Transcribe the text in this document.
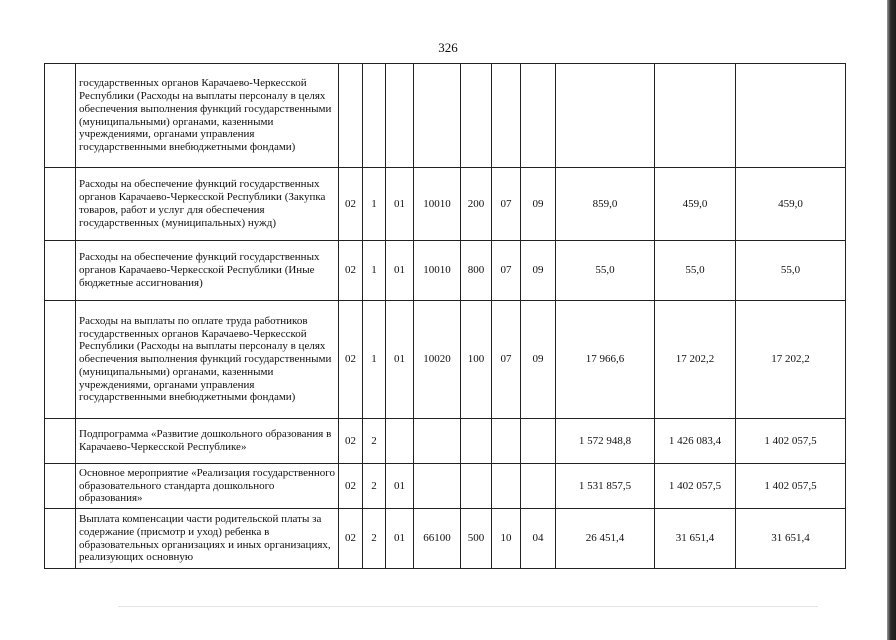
326
	государственных органов Карачаево-Черкесской Республики (Расходы на выплаты персоналу в целях обеспечения выполнения функций государственными (муниципальными) органами, казенными учреждениями, органами управления государственными внебюджетными фондами)										
	Расходы на обеспечение функций государственных органов Карачаево-Черкесской Республики (Закупка товаров, работ и услуг для обеспечения государственных (муниципальных) нужд)	02	1	01	10010	200	07	09	859,0	459,0	459,0
	Расходы на обеспечение функций государственных органов Карачаево-Черкесской Республики (Иные бюджетные ассигнования)	02	1	01	10010	800	07	09	55,0	55,0	55,0
	Расходы на выплаты по оплате труда работников государственных органов Карачаево-Черкесской Республики (Расходы на выплаты персоналу в целях обеспечения выполнения функций государственными (муниципальными) органами, казенными учреждениями, органами управления государственными внебюджетными фондами)	02	1	01	10020	100	07	09	17 966,6	17 202,2	17 202,2
	Подпрограмма «Развитие дошкольного образования в Карачаево-Черкесской Республике»	02	2						1 572 948,8	1 426 083,4	1 402 057,5
	Основное мероприятие «Реализация государственного образовательного стандарта дошкольного образования»	02	2	01					1 531 857,5	1 402 057,5	1 402 057,5
	Выплата компенсации части родительской платы за содержание (присмотр и уход) ребенка в образовательных организациях и иных организациях, реализующих основную	02	2	01	66100	500	10	04	26 451,4	31 651,4	31 651,4
